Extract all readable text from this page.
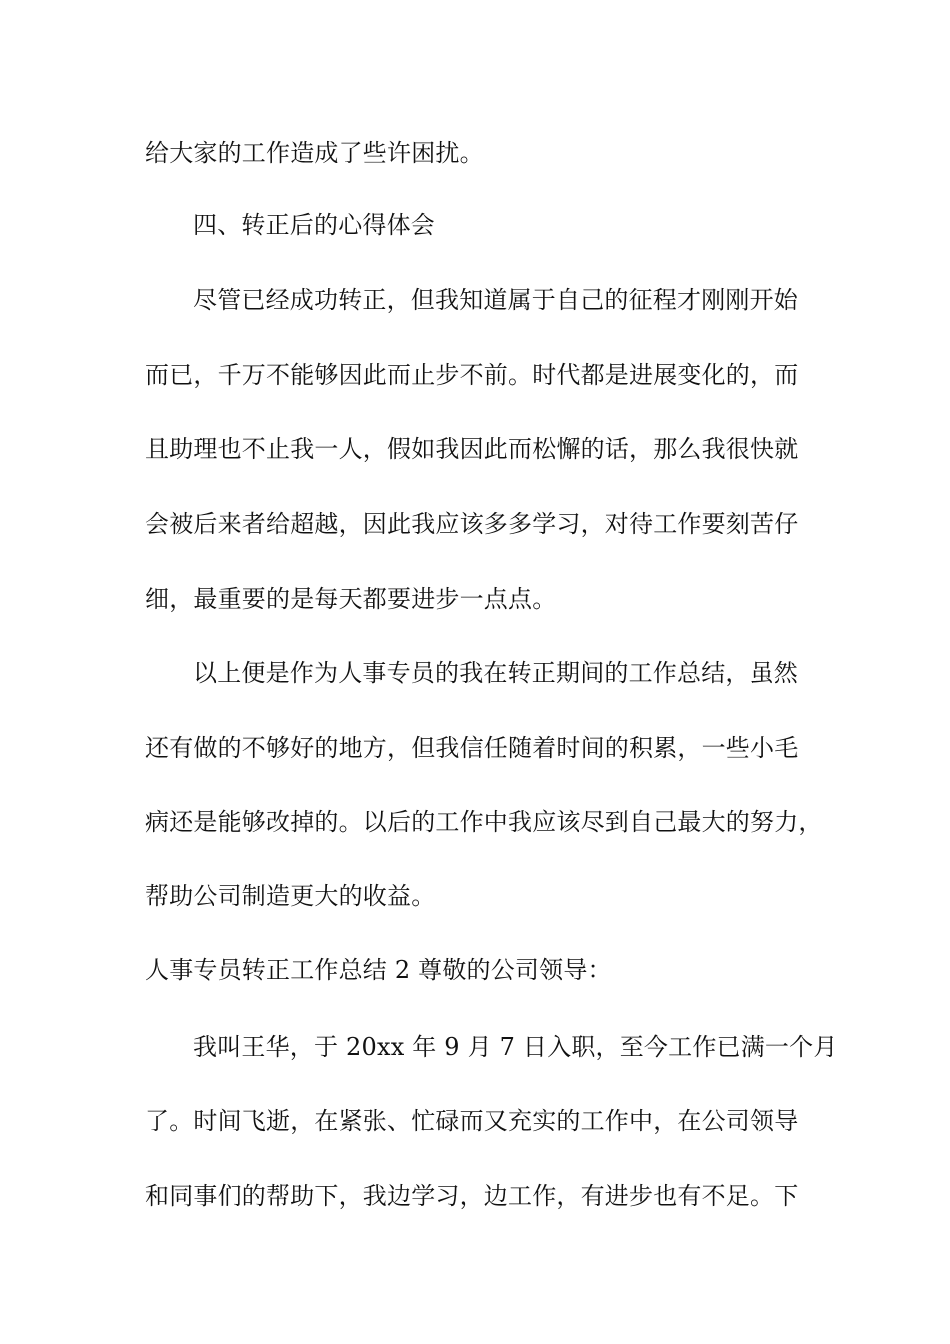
给大家的工作造成了些许困扰。
四、转正后的心得体会
尽管已经成功转正，但我知道属于自己的征程才刚刚开始
而已，千万不能够因此而止步不前。时代都是进展变化的，而
且助理也不止我一人，假如我因此而松懈的话，那么我很快就
会被后来者给超越，因此我应该多多学习，对待工作要刻苦仔
细，最重要的是每天都要进步一点点。
以上便是作为人事专员的我在转正期间的工作总结，虽然
还有做的不够好的地方，但我信任随着时间的积累，一些小毛
病还是能够改掉的。以后的工作中我应该尽到自己最大的努力，
帮助公司制造更大的收益。
人事专员转正工作总结 2 尊敬的公司领导：
我叫王华，于 20xx 年 9 月 7 日入职，至今工作已满一个月
了。时间飞逝，在紧张、忙碌而又充实的工作中，在公司领导
和同事们的帮助下，我边学习，边工作，有进步也有不足。下
